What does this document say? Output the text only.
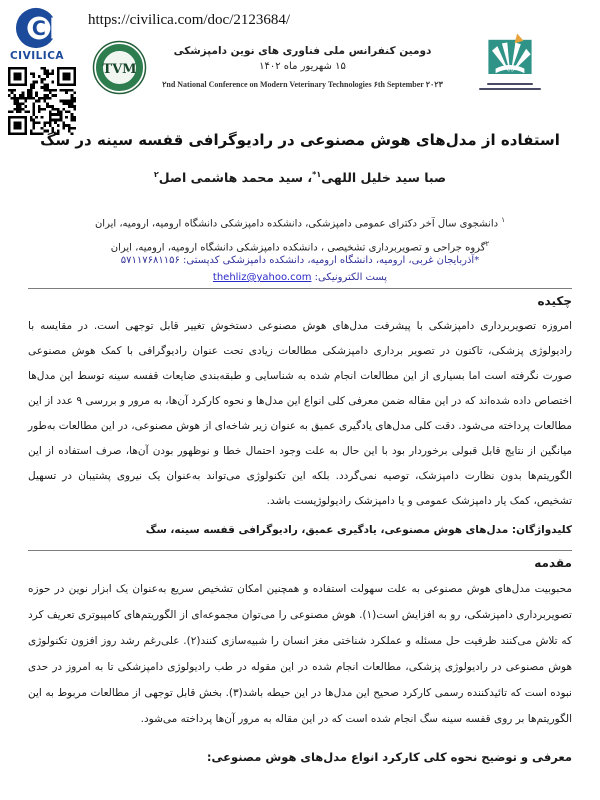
C
CIVILICA
https://civilica.com/doc/2123684/
TVM
دومین کنفرانس ملی فناوری های نوین دامپزشکی
۱۵ شهریور ماه ۱۴۰۲
۲nd National Conference on Modern Veterinary Technologies ۶th September ۲۰۲۳
استفاده از مدل‌های هوش مصنوعی در رادیوگرافی قفسه سینه در سگ
صبا سید خلیل اللهی$^{۱*}$، سید محمد هاشمی اصل$^۲$
$^۱$ دانشجوی سال آخر دکترای عمومی دامپزشکی، دانشکده دامپزشکی دانشگاه ارومیه، ارومیه، ایران
$^۲$گروه جراحی و تصویربرداری تشخیصی ، دانشکده دامپزشکی دانشگاه ارومیه، ارومیه، ایران
*آذربایجان غربی، ارومیه، دانشگاه ارومیه، دانشکده دامپزشکی کدپستی: ۵۷۱۱۷۶۸۱۱۵۶
پست الکترونیکی: thehliz@yahoo.com
چکیده

امروزه تصویربرداری دامپزشکی با پیشرفت مدل‌های هوش مصنوعی دستخوش تغییر قابل توجهی است. در مقایسه با رادیولوژی پزشکی، تاکنون در تصویر برداری دامپزشکی مطالعات زیادی تحت عنوان رادیوگرافی با کمک هوش مصنوعی صورت نگرفته است اما بسیاری از این مطالعات انجام شده به شناسایی و طبقه‌بندی ضایعات قفسه سینه توسط این مدل‌ها اختصاص داده شده‌اند که در این مقاله ضمن معرفی کلی انواع این مدل‌ها و نحوه کارکرد آن‌ها، به مرور و بررسی ۹ عدد از این مطالعات پرداخته می‌شود. دقت کلی مدل‌های یادگیری عمیق به عنوان زیر شاخه‌ای از هوش مصنوعی، در این مطالعات به‌طور میانگین از نتایج قابل قبولی برخوردار بود با این حال به علت وجود احتمال خطا و نوظهور بودن آن‌ها، صرف استفاده از این الگوریتم‌ها بدون نظارت دامپزشک، توصیه نمی‌گردد. بلکه این تکنولوژی می‌تواند به‌عنوان یک نیروی پشتیبان در تسهیل تشخیص، کمک یار دامپزشک عمومی و یا دامپزشک رادیولوژیست باشد.

کلیدواژگان: مدل‌های هوش مصنوعی، یادگیری عمیق، رادیوگرافی قفسه سینه، سگ
مقدمه

محبوبیت مدل‌های هوش مصنوعی به علت سهولت استفاده و همچنین امکان تشخیص سریع به‌عنوان یک ابزار نوین در حوزه تصویربرداری دامپزشکی، رو به افزایش است(۱). هوش مصنوعی را می‌توان مجموعه‌ای از الگوریتم‌های کامپیوتری تعریف کرد که تلاش می‌کنند ظرفیت حل مسئله و عملکرد شناختی مغز انسان را شبیه‌سازی کنند(۲). علی‌رغم رشد روز افزون تکنولوژی هوش مصنوعی در رادیولوژی پزشکی، مطالعات انجام شده در این مقوله در طب رادیولوژی دامپزشکی تا به امروز در حدی نبوده است که تائیدکننده رسمی کارکرد صحیح این مدل‌ها در این حیطه باشد(۳). بخش قابل توجهی از مطالعات مربوط به این الگوریتم‌ها بر روی قفسه سینه سگ انجام شده است که در این مقاله به مرور آن‌ها پرداخته می‌شود.

معرفی و توضیح نحوه کلی کارکرد انواع مدل‌های هوش مصنوعی:
